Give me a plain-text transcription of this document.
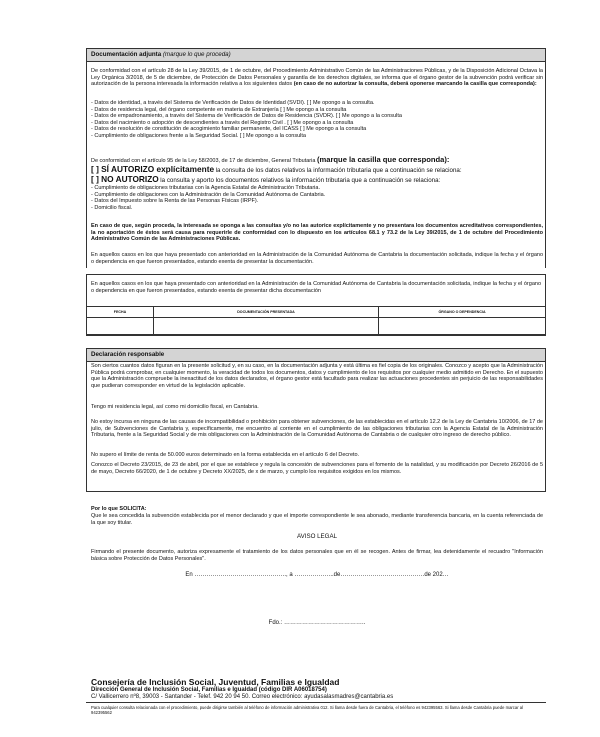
Documentación adjunta (marque lo que proceda)
De conformidad con el artículo 28 de la Ley 39/2015, de 1 de octubre, del Procedimiento Administrativo Común de las Administraciones Públicas, y de la Disposición Adicional Octava la Ley Orgánica 3/2018, de 5 de diciembre, de Protección de Datos Personales y garantía de los derechos digitales, se informa que el órgano gestor de la subvención podrá verificar sin autorización de la persona interesada la información relativa a los siguientes datos (en caso de no autorizar la consulta, deberá oponerse marcando la casilla que corresponda):
- Datos de identidad, a través del Sistema de Verificación de Datos de Identidad (SVDI). [ ] Me opongo a la consulta.
- Datos de residencia legal, del órgano competente en materia de Extranjería [ ] Me opongo a la consulta
- Datos de empadronamiento, a través del Sistema de Verificación de Datos de Residencia (SVDR). [ ] Me opongo a la consulta
- Datos del nacimiento o adopción de descendientes a través del Registro Civil . [ ] Me opongo a la consulta
- Datos de resolución de constitución de acogimiento familiar permanente, del ICASS [ ] Me opongo a la consulta
- Cumplimiento de obligaciones frente a la Seguridad Social. [ ] Me opongo a la consulta
De conformidad con el artículo 95 de la Ley 58/2003, de 17 de diciembre, General Tributaria (marque la casilla que corresponda):
[ ] SÍ AUTORIZO explícitamente la consulta de los datos relativos la información tributaria que a continuación se relaciona:
[ ] NO AUTORIZO la consulta y aporto los documentos relativos la información tributaria que a continuación se relaciona:
- Cumplimiento de obligaciones tributarias con la Agencia Estatal de Administración Tributaria.
- Cumplimiento de obligaciones con la Administración de la Comunidad Autónoma de Cantabria.
- Datos del Impuesto sobre la Renta de las Personas Físicas (IRPF).
- Domicilio fiscal.
En caso de que, según proceda, la interesada se oponga a las consultas y/o no las autorice explícitamente y no presentara los documentos acreditativos correspondientes, la no aportación de éstos será causa para requerirle de conformidad con lo dispuesto en los artículos 68.1 y 73.2 de la Ley 39/2015, de 1 de octubre del Procedimiento Administrativo Común de las Administraciones Públicas.
En aquellos casos en los que haya presentado con anterioridad en la Administración de la Comunidad Autónoma de Cantabria la documentación solicitada, indique la fecha y el órgano o dependencia en que fueron presentados, estando exenta de presentar la documentación.
En aquellos casos en los que haya presentado con anterioridad en la Administración de la Comunidad Autónoma de Cantabria la documentación solicitada, indique la fecha y el órgano o dependencia en que fueron presentados, estando exenta de presentar dicha documentación
FECHA	DOCUMENTACIÓN PRESENTADA	ÓRGANO O DEPENDENCIA

Declaración responsable
Son ciertos cuantos datos figuran en la presente solicitud y, en su caso, en la documentación adjunta y está última es fiel copia de los originales. Conozco y acepto que la Administración Pública podrá comprobar, en cualquier momento, la veracidad de todos los documentos, datos y cumplimiento de los requisitos por cualquier medio admitido en Derecho. En el supuesto que la Administración compruebe la inexactitud de los datos declarados, el órgano gestor está facultado para realizar las actuaciones procedentes sin perjuicio de las responsabilidades que pudieran corresponder en virtud de la legislación aplicable.
Tengo mi residencia legal, así como mi domicilio fiscal, en Cantabria.
No estoy incursa en ninguna de las causas de incompatibilidad o prohibición para obtener subvenciones, de las establecidas en el artículo 12.2 de la Ley de Cantabria 10/2006, de 17 de julio, de Subvenciones de Cantabria y, específicamente, me encuentro al corriente en el cumplimiento de las obligaciones tributarias con la Agencia Estatal de la Administración Tributaria, frente a la Seguridad Social y de mis obligaciones con la Administración de la Comunidad Autónoma de Cantabria o de cualquier otro ingreso de derecho público.
No supero el límite de renta de 50.000 euros determinado en la forma establecida en el artículo 6 del Decreto.
Conozco el Decreto 23/2015, de 23 de abril, por el que se establece y regula la concesión de subvenciones para el fomento de la natalidad, y su modificación por Decreto 26/2016 de 5 de mayo, Decreto 66/2020, de 1 de octubre y Decreto XX/2025, de x de marzo, y cumplo los requisitos exigidos en los mismos.
Por lo que SOLICITA:
Que le sea concedida la subvención establecida por el menor declarado y que el importe correspondiente le sea abonado, mediante transferencia bancaria, en la cuenta referenciada de la que soy titular.
AVISO LEGAL
Firmando el presente documento, autoriza expresamente el tratamiento de los datos personales que en él se recogen. Antes de firmar, lea detenidamente el recuadro "Información básica sobre Protección de Datos Personales".
En ………………………………………., a ………………..de……………………………………de 202…
Fdo.: …………………………………..
Consejería de Inclusión Social, Juventud, Familias e Igualdad
Dirección General de Inclusión Social, Familias e Igualdad (código DIR A06018754)
C/ Vallicerrero nº8, 39003 - Santander - Telef. 942 20 94 50. Correo electrónico: ayudasalasmadres@cantabria.es
Para cualquier consulta relacionada con el procedimiento, puede dirigirse también al teléfono de información administrativa 012. Si llama desde fuera de Cantabria, el teléfono es 942395563. Si llama desde Cantabria puede marcar al 942395562
